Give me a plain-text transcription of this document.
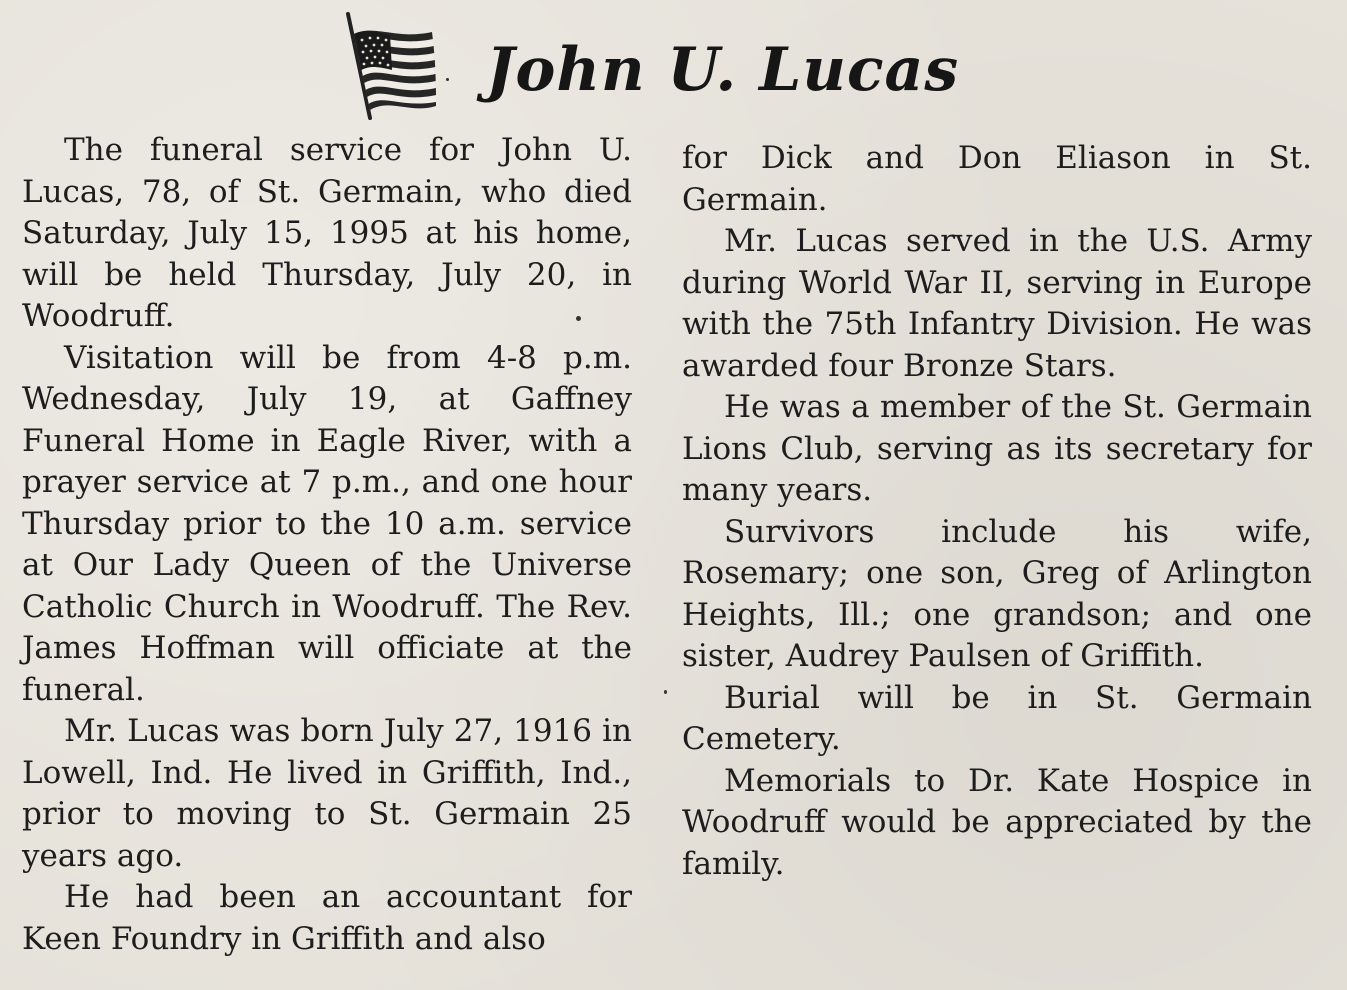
John U. Lucas

The funeral service for John U. Lucas, 78, of St. Germain, who died Saturday, July 15, 1995 at his home, will be held Thursday, July 20, in Woodruff.

Visitation will be from 4-8 p.m. Wednesday, July 19, at Gaffney Funeral Home in Eagle River, with a prayer service at 7 p.m., and one hour Thursday prior to the 10 a.m. service at Our Lady Queen of the Universe Catholic Church in Woodruff. The Rev. James Hoffman will officiate at the funeral.

Mr. Lucas was born July 27, 1916 in Lowell, Ind. He lived in Griffith, Ind., prior to moving to St. Germain 25 years ago.

He had been an accountant for Keen Foundry in Griffith and also

for Dick and Don Eliason in St. Germain.

Mr. Lucas served in the U.S. Army during World War II, serving in Europe with the 75th Infantry Division. He was awarded four Bronze Stars.

He was a member of the St. Germain Lions Club, serving as its secretary for many years.

Survivors include his wife, Rosemary; one son, Greg of Arlington Heights, Ill.; one grandson; and one sister, Audrey Paulsen of Griffith.

Burial will be in St. Germain Cemetery.

Memorials to Dr. Kate Hospice in Woodruff would be appreciated by the family.
